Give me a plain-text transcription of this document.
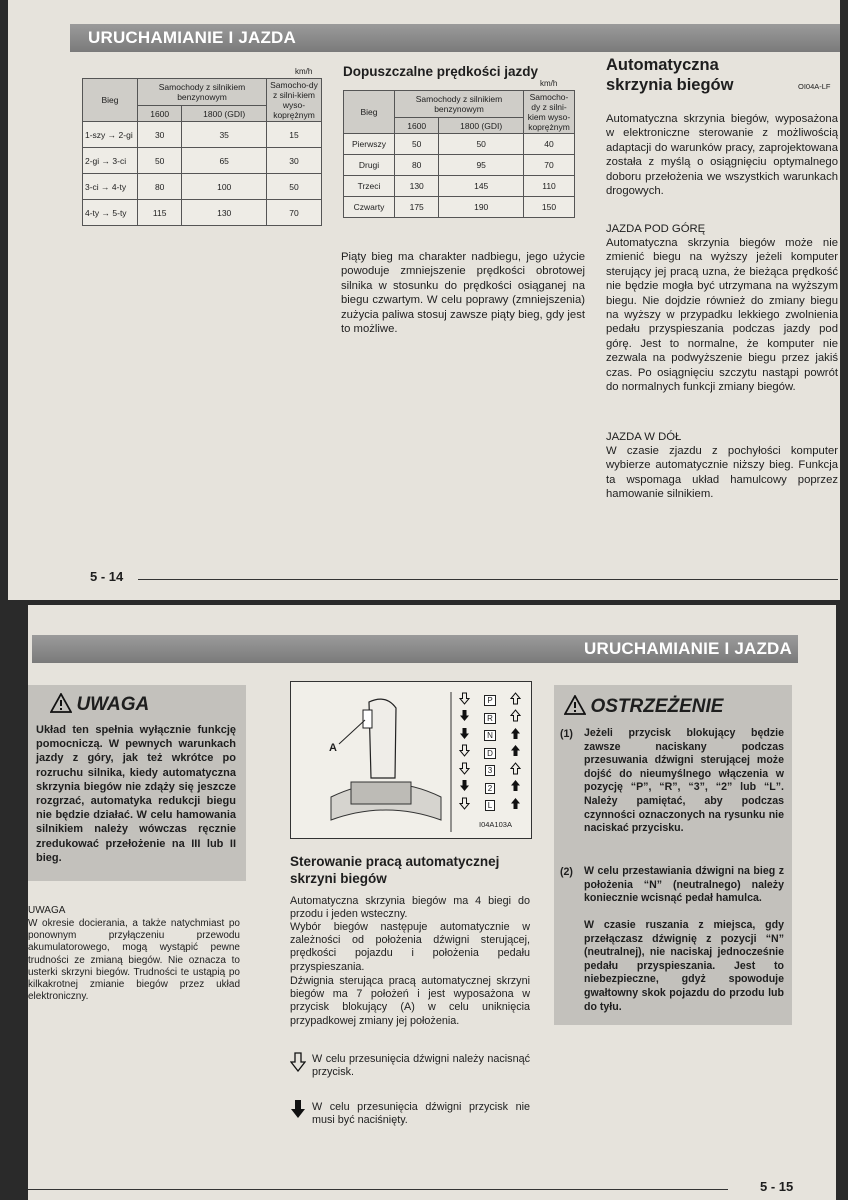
URUCHAMIANIE I JAZDA
km/h
Bieg	Samochody z silnikiem benzynowym		Samocho-dy z silni-kiem wyso-koprężnym
	1600	1800 (GDI)	
1-szy → 2-gi	30	35	15
2-gi → 3-ci	50	65	30
3-ci → 4-ty	80	100	50
4-ty → 5-ty	115	130	70
Dopuszczalne prędkości jazdy
km/h
Bieg	Samochody z silnikiem benzynowym		Samocho-dy z silni-kiem wyso-koprężnym
	1600	1800 (GDI)	
Pierwszy	50	50	40
Drugi	80	95	70
Trzeci	130	145	110
Czwarty	175	190	150
Piąty bieg ma charakter nadbiegu, jego użycie powoduje zmniejszenie prędkości obrotowej silnika w stosunku do prędkości osiąganej na biegu czwartym. W celu poprawy (zmniejszenia) zużycia paliwa stosuj zawsze piąty bieg, gdy jest to możliwe.
Automatyczna skrzynia biegów	OI04A-LF
Automatyczna skrzynia biegów, wyposażona w elektroniczne sterowanie z możliwością adaptacji do warunków pracy, zaprojektowana została z myślą o osiągnięciu optymalnego doboru przełożenia we wszystkich warunkach drogowych.
JAZDA POD GÓRĘ
Automatyczna skrzynia biegów może nie zmienić biegu na wyższy jeżeli komputer sterujący jej pracą uzna, że bieżąca prędkość nie będzie mogła być utrzymana na wyższym biegu. Nie dojdzie również do zmiany biegu na wyższy w przypadku lekkiego zwolnienia pedału przyspieszania podczas jazdy pod górę. Jest to normalne, że komputer nie zezwala na podwyższenie biegu przez jakiś czas. Po osiągnięciu szczytu nastąpi powrót do normalnych funkcji zmiany biegów.
JAZDA W DÓŁ
W czasie zjazdu z pochyłości komputer wybierze automatycznie niższy bieg. Funkcja ta wspomaga układ hamulcowy poprzez hamowanie silnikiem.
5 - 14
URUCHAMIANIE I JAZDA
UWAGA
Układ ten spełnia wyłącznie funkcję pomocniczą. W pewnych warunkach jazdy z góry, jak też wkrótce po rozruchu silnika, kiedy automatyczna skrzynia biegów nie zdąży się jeszcze rozgrzać, automatyka redukcji biegu nie będzie działać. W celu hamowania silnikiem należy wówczas ręcznie zredukować przełożenie na III lub II bieg.
UWAGA
W okresie docierania, a także natychmiast po ponownym przyłączeniu przewodu akumulatorowego, mogą wystąpić pewne trudności ze zmianą biegów. Nie oznacza to usterki skrzyni biegów. Trudności te ustąpią po kilkakrotnej zmianie biegów przez układ elektroniczny.
A
P
R
N
D
3
2
L
I04A103A
Sterowanie pracą automatycznej skrzyni biegów
Automatyczna skrzynia biegów ma 4 biegi do przodu i jeden wsteczny.
Wybór biegów następuje automatycznie w zależności od położenia dźwigni sterującej, prędkości pojazdu i położenia pedału przyspieszania.
Dźwignia sterująca pracą automatycznej skrzyni biegów ma 7 położeń i jest wyposażona w przycisk blokujący (A) w celu uniknięcia przypadkowej zmiany jej położenia.
W celu przesunięcia dźwigni należy nacisnąć przycisk.
W celu przesunięcia dźwigni przycisk nie musi być naciśnięty.
OSTRZEŻENIE
(1) Jeżeli przycisk blokujący będzie zawsze naciskany podczas przesuwania dźwigni sterującej może dojść do nieumyślnego włączenia w pozycję “P”, “R”, “3”, “2” lub “L”. Należy pamiętać, aby podczas czynności oznaczonych na rysunku nie naciskać przycisku.
(2) W celu przestawiania dźwigni na bieg z położenia “N” (neutralnego) należy koniecznie wcisnąć pedał hamulca.
W czasie ruszania z miejsca, gdy przełączasz dźwignię z pozycji “N” (neutralnej), nie naciskaj jednocześnie pedału przyspieszania. Jest to niebezpieczne, gdyż spowoduje gwałtowny skok pojazdu do przodu lub do tyłu.
5 - 15
